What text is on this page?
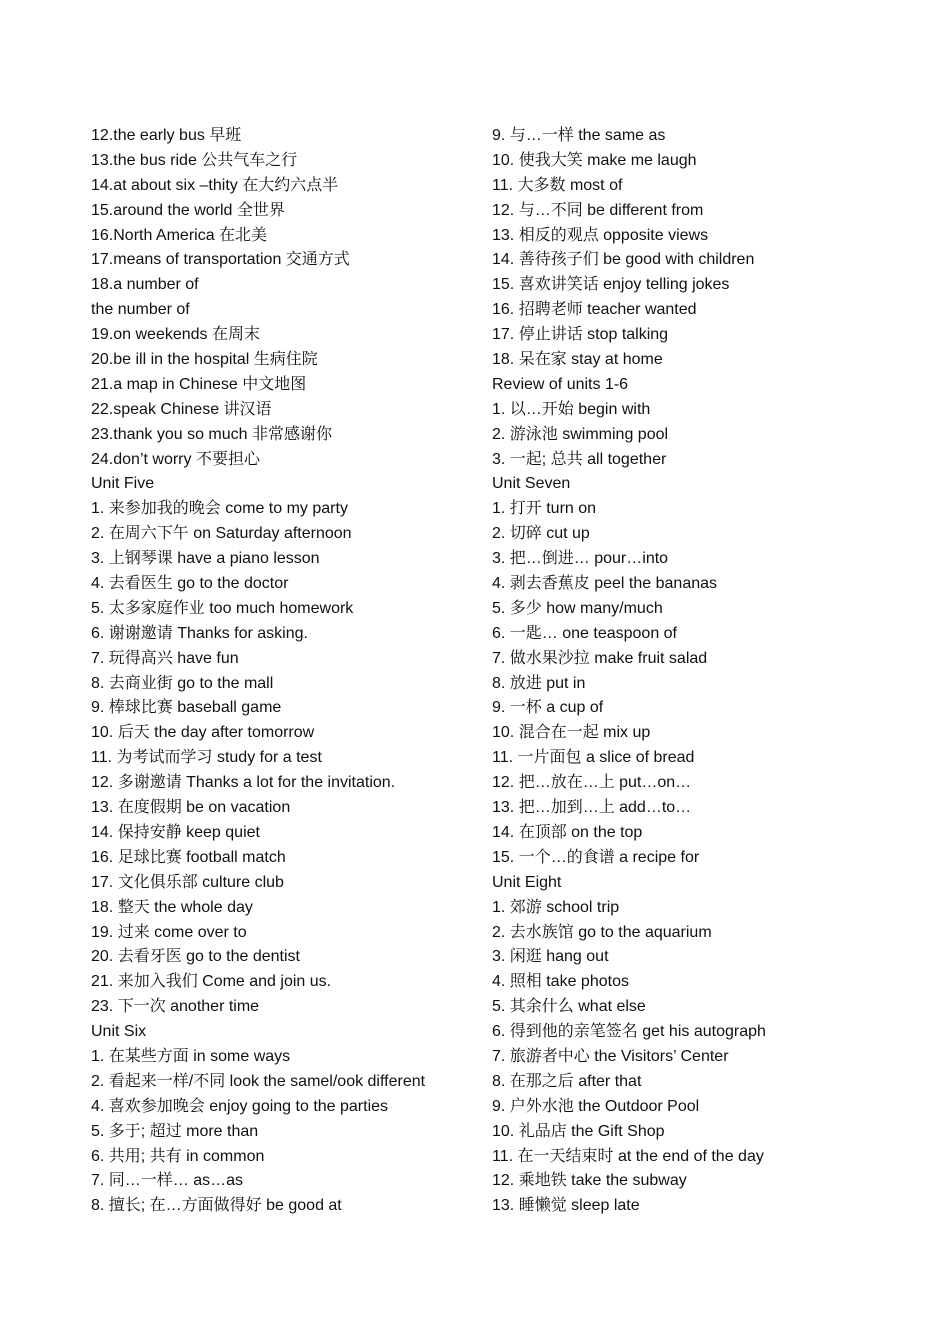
12.the early bus 早班
13.the bus ride 公共气车之行
14.at about six –thity 在大约六点半
15.around the world 全世界
16.North America 在北美
17.means of transportation 交通方式
18.a number of
the number of
19.on weekends 在周末
20.be ill in the hospital 生病住院
21.a map in Chinese 中文地图
22.speak Chinese 讲汉语
23.thank you so much 非常感谢你
24.don’t worry 不要担心
Unit Five
1. 来参加我的晚会 come to my party
2. 在周六下午 on Saturday afternoon
3. 上钢琴课 have a piano lesson
4. 去看医生 go to the doctor
5. 太多家庭作业 too much homework
6. 谢谢邀请 Thanks for asking.
7. 玩得高兴 have fun
8. 去商业街 go to the mall
9. 棒球比赛 baseball game
10. 后天 the day after tomorrow
11. 为考试而学习 study for a test
12. 多谢邀请 Thanks a lot for the invitation.
13. 在度假期 be on vacation
14. 保持安静 keep quiet
16. 足球比赛 football match
17. 文化俱乐部 culture club
18. 整天 the whole day
19. 过来 come over to
20. 去看牙医 go to the dentist
21. 来加入我们 Come and join us.
23. 下一次 another time
Unit Six
1. 在某些方面 in some ways
2. 看起来一样/不同 look the samel/ook different
4. 喜欢参加晚会 enjoy going to the parties
5. 多于; 超过 more than
6. 共用; 共有 in common
7. 同…一样… as…as
8. 擅长; 在…方面做得好 be good at
9. 与…一样 the same as
10. 使我大笑 make me laugh
11. 大多数 most of
12. 与…不同 be different from
13. 相反的观点 opposite views
14. 善待孩子们 be good with children
15. 喜欢讲笑话 enjoy telling jokes
16. 招聘老师 teacher wanted
17. 停止讲话 stop talking
18. 呆在家 stay at home
Review of units 1-6
1. 以…开始 begin with
2. 游泳池 swimming pool
3. 一起; 总共 all together
Unit Seven
1. 打开 turn on
2. 切碎 cut up
3. 把…倒进… pour…into
4. 剥去香蕉皮 peel the bananas
5. 多少 how many/much
6. 一匙… one teaspoon of
7. 做水果沙拉 make fruit salad
8. 放进 put in
9. 一杯 a cup of
10. 混合在一起 mix up
11. 一片面包 a slice of bread
12. 把…放在…上 put…on…
13. 把…加到…上 add…to…
14. 在顶部 on the top
15. 一个…的食谱 a recipe for
Unit Eight
1. 郊游 school trip
2. 去水族馆 go to the aquarium
3. 闲逛 hang out
4. 照相 take photos
5. 其余什么 what else
6. 得到他的亲笔签名 get his autograph
7. 旅游者中心 the Visitors’ Center
8. 在那之后 after that
9. 户外水池 the Outdoor Pool
10. 礼品店 the Gift Shop
11. 在一天结束时 at the end of the day
12. 乘地铁 take the subway
13. 睡懒觉 sleep late
